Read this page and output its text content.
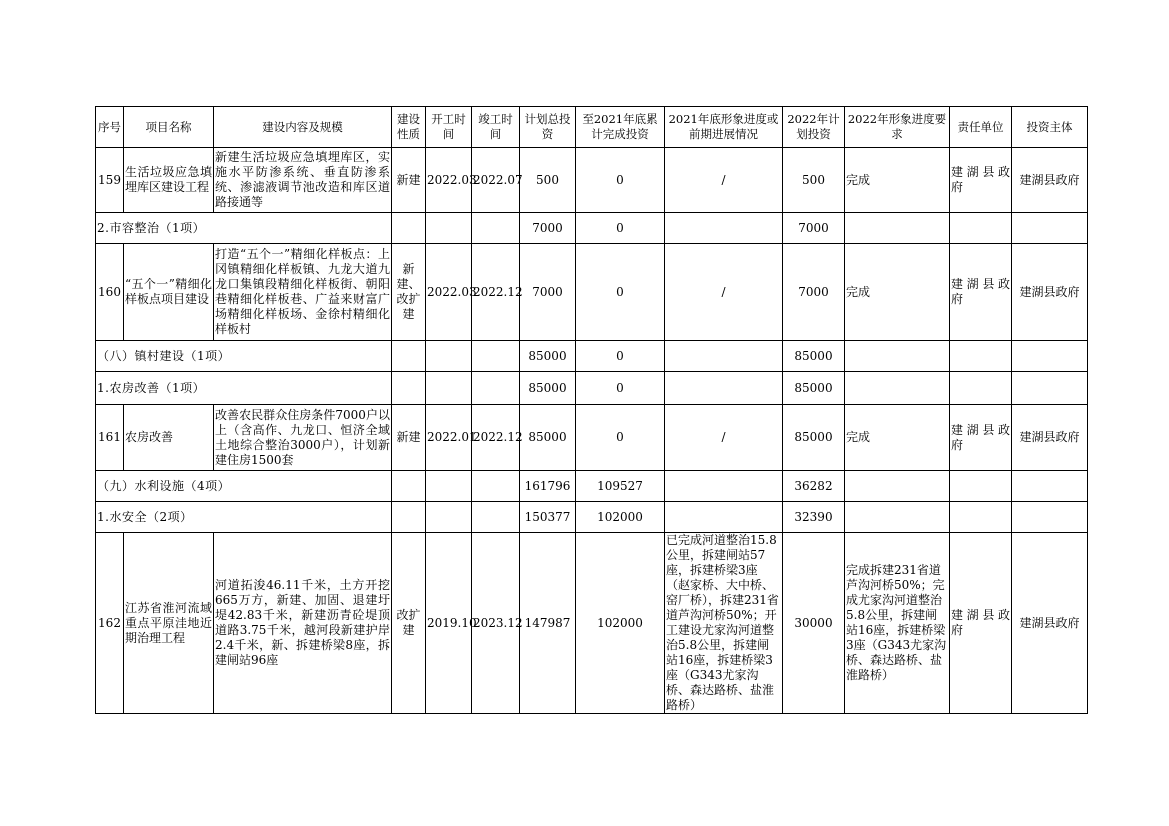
序号	项目名称	建设内容及规模	建设性质	开工时间	竣工时间	计划总投资	至2021年底累计完成投资	2021年底形象进度或前期进展情况	2022年计划投资	2022年形象进度要求	责任单位	投资主体
159	生活垃圾应急填埋库区建设工程	新建生活垃圾应急填埋库区，实施水平防渗系统、垂直防渗系统、渗滤液调节池改造和库区道路接通等	新建	2022.03	2022.07	500	0	/	500	完成	建湖县政府	建湖县政府
2.市容整治（1项）						7000	0		7000			
160	“五个一”精细化样板点项目建设	打造“五个一”精细化样板点：上冈镇精细化样板镇、九龙大道九龙口集镇段精细化样板街、朝阳巷精细化样板巷、广益来财富广场精细化样板场、金徐村精细化样板村	新建、改扩建	2022.03	2022.12	7000	0	/	7000	完成	建湖县政府	建湖县政府
（八）镇村建设（1项）						85000	0		85000			
1.农房改善（1项）						85000	0		85000			
161	农房改善	改善农民群众住房条件7000户以上（含高作、九龙口、恒济全域土地综合整治3000户），计划新建住房1500套	新建	2022.01	2022.12	85000	0	/	85000	完成	建湖县政府	建湖县政府
（九）水利设施（4项）						161796	109527		36282			
1.水安全（2项）						150377	102000		32390			
162	江苏省淮河流域重点平原洼地近期治理工程	河道拓浚46.11千米，土方开挖665万方，新建、加固、退建圩堤42.83千米，新建沥青砼堤顶道路3.75千米，越河段新建护岸2.4千米，新、拆建桥梁8座，拆建闸站96座	改扩建	2019.10	2023.12	147987	102000	已完成河道整治15.8公里，拆建闸站57座，拆建桥梁3座（赵家桥、大中桥、窑厂桥），拆建231省道芦沟河桥50%；开工建设尤家沟河道整治5.8公里，拆建闸站16座，拆建桥梁3座（G343尤家沟桥、森达路桥、盐淮路桥）	30000	完成拆建231省道芦沟河桥50%；完成尤家沟河道整治5.8公里，拆建闸站16座，拆建桥梁3座（G343尤家沟桥、森达路桥、盐淮路桥）	建湖县政府	建湖县政府
